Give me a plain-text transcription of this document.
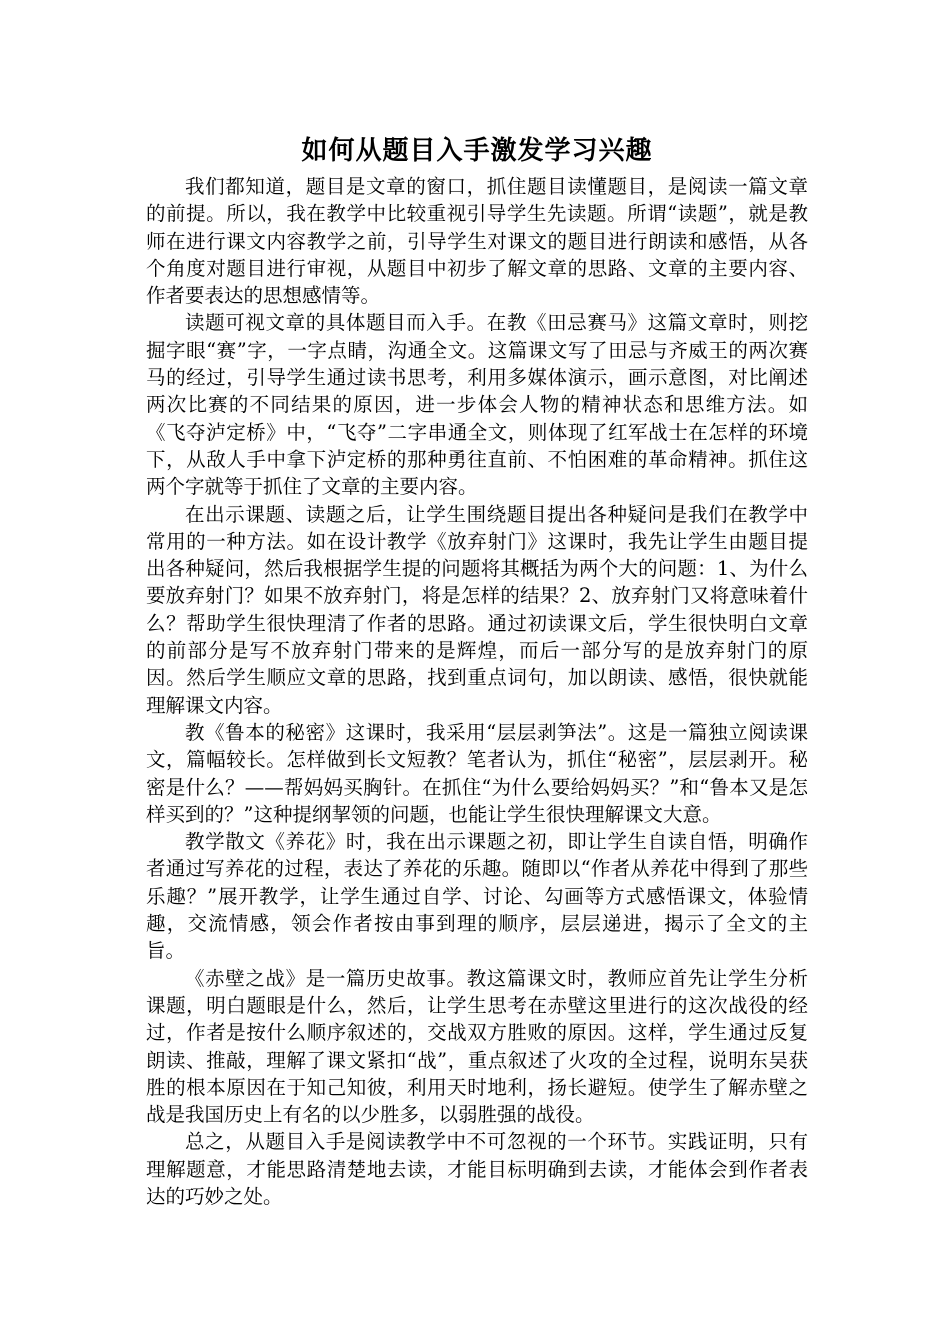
如何从题目入手激发学习兴趣

我们都知道，题目是文章的窗口，抓住题目读懂题目，是阅读一篇文章的前提。所以，我在教学中比较重视引导学生先读题。所谓“读题”，就是教师在进行课文内容教学之前，引导学生对课文的题目进行朗读和感悟，从各个角度对题目进行审视，从题目中初步了解文章的思路、文章的主要内容、作者要表达的思想感情等。

读题可视文章的具体题目而入手。在教《田忌赛马》这篇文章时，则挖掘字眼“赛”字，一字点睛，沟通全文。这篇课文写了田忌与齐威王的两次赛马的经过，引导学生通过读书思考，利用多媒体演示，画示意图，对比阐述两次比赛的不同结果的原因，进一步体会人物的精神状态和思维方法。如《飞夺泸定桥》中，“飞夺”二字串通全文，则体现了红军战士在怎样的环境下，从敌人手中拿下泸定桥的那种勇往直前、不怕困难的革命精神。抓住这两个字就等于抓住了文章的主要内容。

在出示课题、读题之后，让学生围绕题目提出各种疑问是我们在教学中常用的一种方法。如在设计教学《放弃射门》这课时，我先让学生由题目提出各种疑问，然后我根据学生提的问题将其概括为两个大的问题：1、为什么要放弃射门？如果不放弃射门，将是怎样的结果？2、放弃射门又将意味着什么？帮助学生很快理清了作者的思路。通过初读课文后，学生很快明白文章的前部分是写不放弃射门带来的是辉煌，而后一部分写的是放弃射门的原因。然后学生顺应文章的思路，找到重点词句，加以朗读、感悟，很快就能理解课文内容。

教《鲁本的秘密》这课时，我采用“层层剥笋法”。这是一篇独立阅读课文，篇幅较长。怎样做到长文短教？笔者认为，抓住“秘密”，层层剥开。秘密是什么？——帮妈妈买胸针。在抓住“为什么要给妈妈买？”和“鲁本又是怎样买到的？”这种提纲挈领的问题，也能让学生很快理解课文大意。

教学散文《养花》时，我在出示课题之初，即让学生自读自悟，明确作者通过写养花的过程，表达了养花的乐趣。随即以“作者从养花中得到了那些乐趣？”展开教学，让学生通过自学、讨论、勾画等方式感悟课文，体验情趣，交流情感，领会作者按由事到理的顺序，层层递进，揭示了全文的主旨。

《赤壁之战》是一篇历史故事。教这篇课文时，教师应首先让学生分析课题，明白题眼是什么，然后，让学生思考在赤壁这里进行的这次战役的经过，作者是按什么顺序叙述的，交战双方胜败的原因。这样，学生通过反复朗读、推敲，理解了课文紧扣“战”，重点叙述了火攻的全过程，说明东吴获胜的根本原因在于知己知彼，利用天时地利，扬长避短。使学生了解赤壁之战是我国历史上有名的以少胜多，以弱胜强的战役。

总之，从题目入手是阅读教学中不可忽视的一个环节。实践证明，只有理解题意，才能思路清楚地去读，才能目标明确到去读，才能体会到作者表达的巧妙之处。
